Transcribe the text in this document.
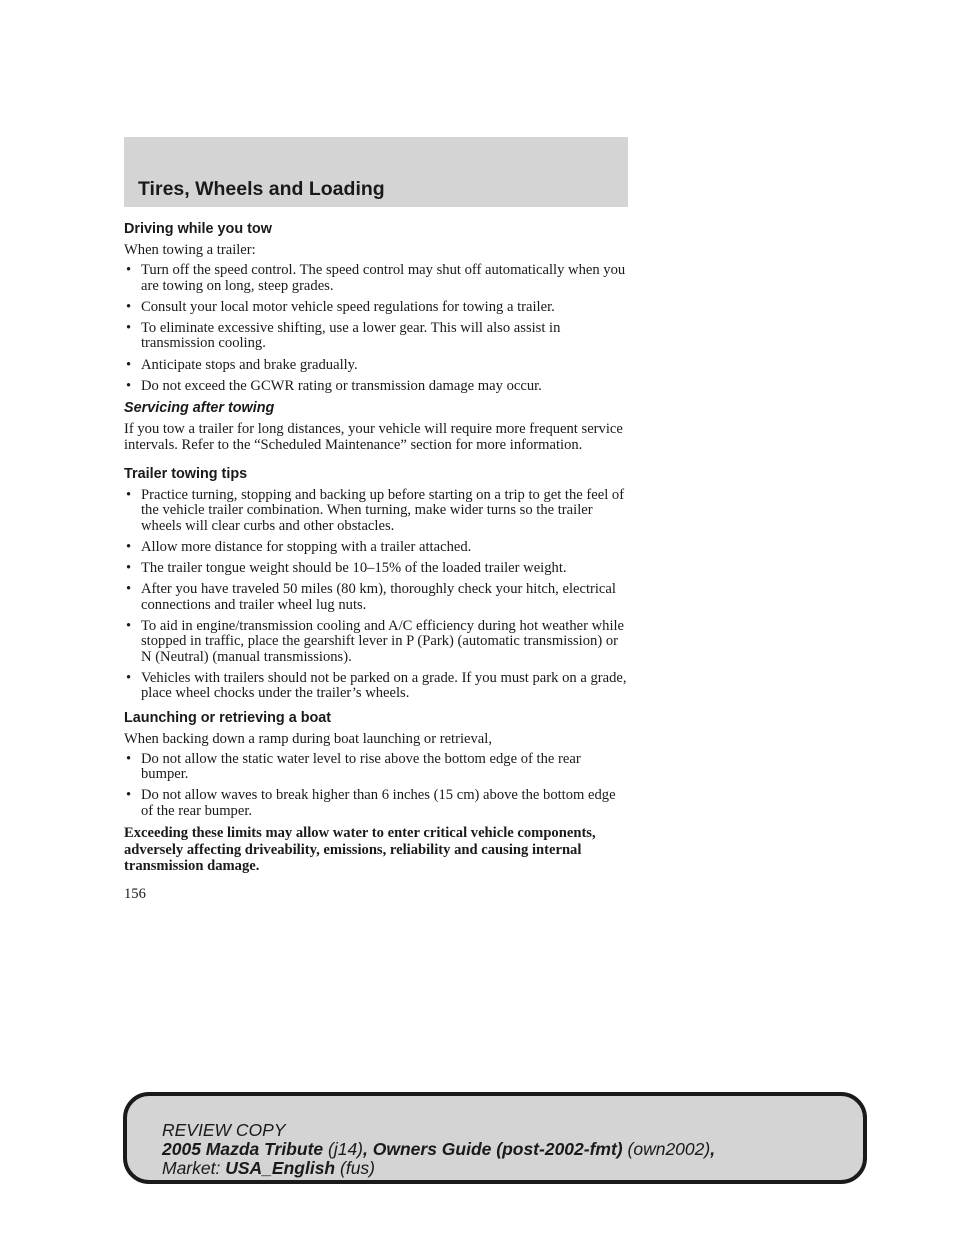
Tires, Wheels and Loading
Driving while you tow

When towing a trailer:

• Turn off the speed control. The speed control may shut off automatically when you are towing on long, steep grades.
• Consult your local motor vehicle speed regulations for towing a trailer.
• To eliminate excessive shifting, use a lower gear. This will also assist in transmission cooling.
• Anticipate stops and brake gradually.
• Do not exceed the GCWR rating or transmission damage may occur.
Servicing after towing

If you tow a trailer for long distances, your vehicle will require more frequent service intervals. Refer to the “Scheduled Maintenance” section for more information.

Trailer towing tips
• Practice turning, stopping and backing up before starting on a trip to get the feel of the vehicle trailer combination. When turning, make wider turns so the trailer wheels will clear curbs and other obstacles.
• Allow more distance for stopping with a trailer attached.
• The trailer tongue weight should be 10–15% of the loaded trailer weight.
• After you have traveled 50 miles (80 km), thoroughly check your hitch, electrical connections and trailer wheel lug nuts.
• To aid in engine/transmission cooling and A/C efficiency during hot weather while stopped in traffic, place the gearshift lever in P (Park) (automatic transmission) or N (Neutral) (manual transmissions).
• Vehicles with trailers should not be parked on a grade. If you must park on a grade, place wheel chocks under the trailer’s wheels.
Launching or retrieving a boat

When backing down a ramp during boat launching or retrieval,

• Do not allow the static water level to rise above the bottom edge of the rear bumper.
• Do not allow waves to break higher than 6 inches (15 cm) above the bottom edge of the rear bumper.

Exceeding these limits may allow water to enter critical vehicle components, adversely affecting driveability, emissions, reliability and causing internal transmission damage.

156

REVIEW COPY
2005 Mazda Tribute (j14), Owners Guide (post-2002-fmt) (own2002),
Market: USA_English (fus)
